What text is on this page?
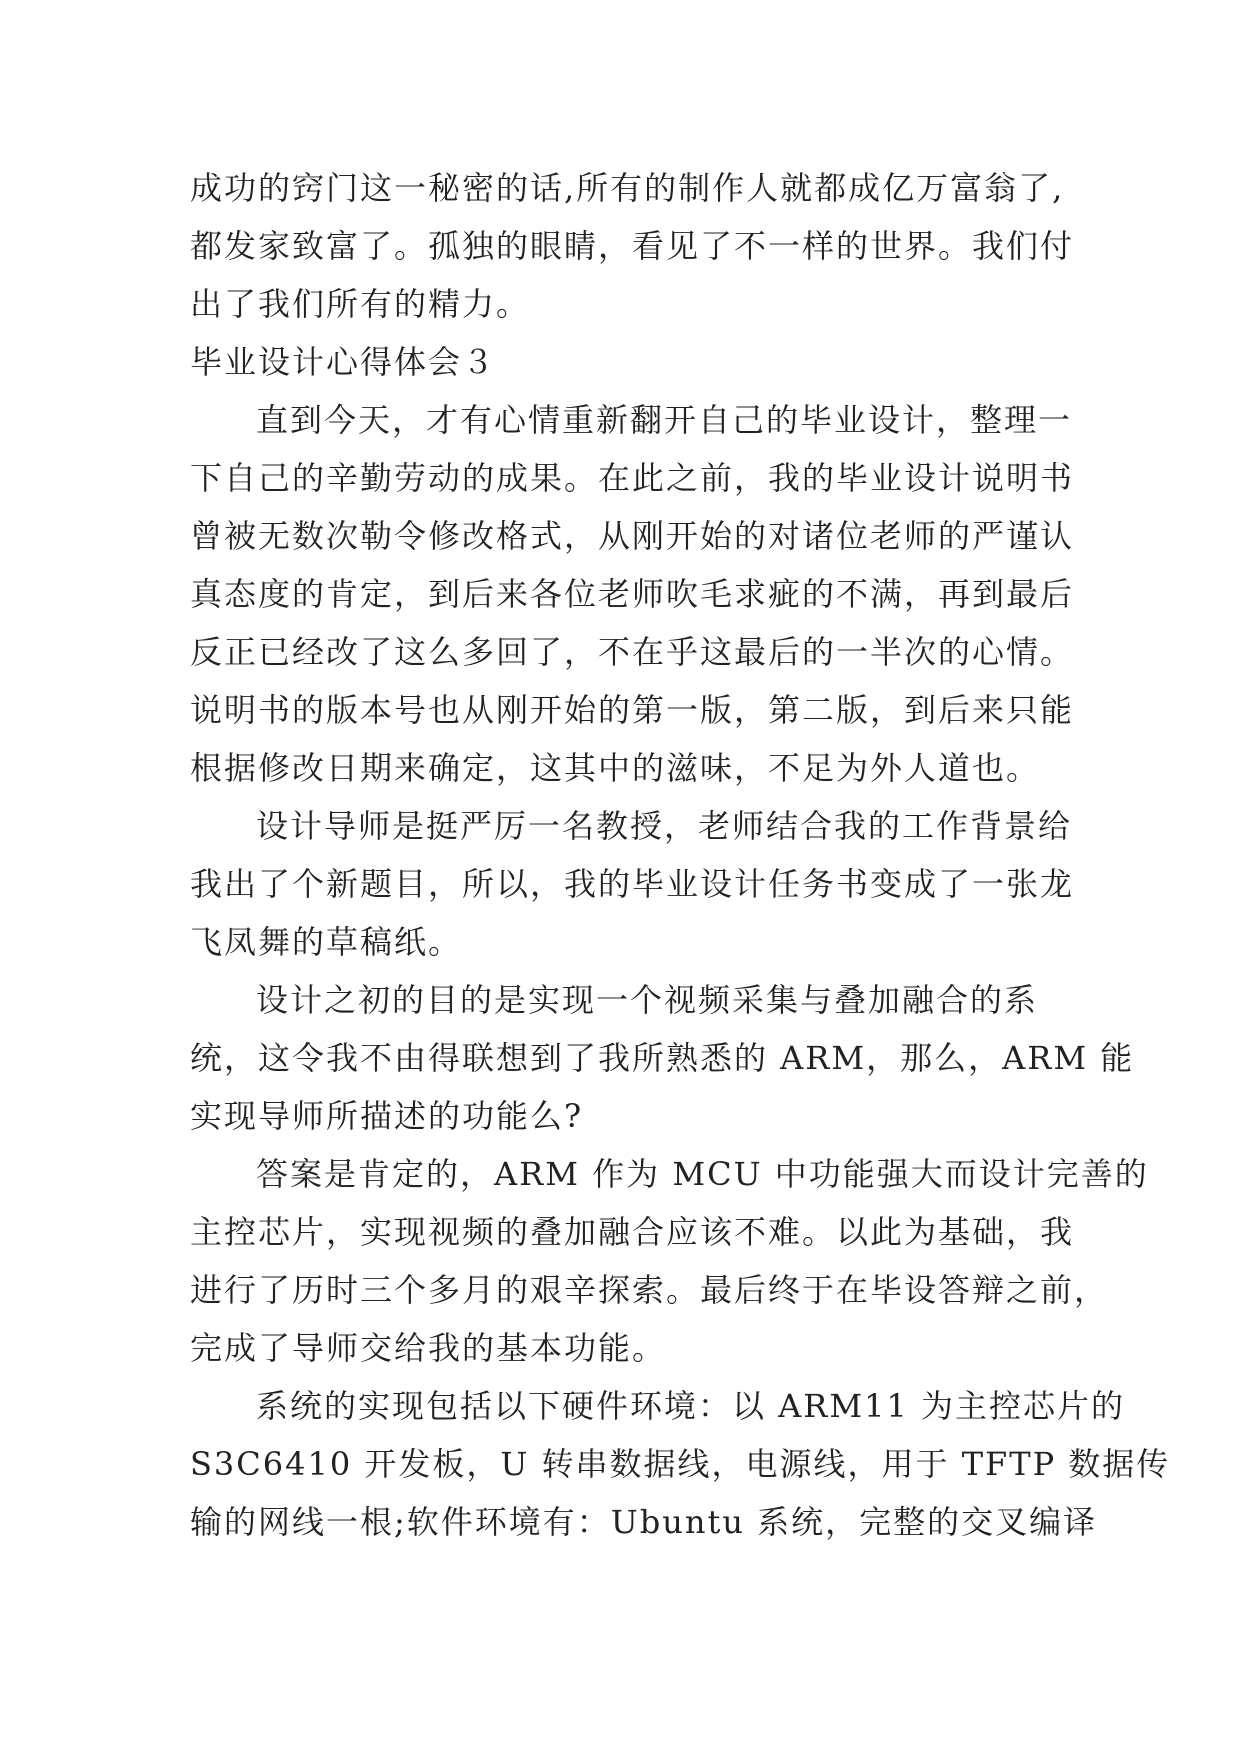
成功的窍门这一秘密的话,所有的制作人就都成亿万富翁了,
都发家致富了。孤独的眼睛，看见了不一样的世界。我们付
出了我们所有的精力。
毕业设计心得体会３
直到今天，才有心情重新翻开自己的毕业设计，整理一
下自己的辛勤劳动的成果。在此之前，我的毕业设计说明书
曾被无数次勒令修改格式，从刚开始的对诸位老师的严谨认
真态度的肯定，到后来各位老师吹毛求疵的不满，再到最后
反正已经改了这么多回了，不在乎这最后的一半次的心情。
说明书的版本号也从刚开始的第一版，第二版，到后来只能
根据修改日期来确定，这其中的滋味，不足为外人道也。
设计导师是挺严厉一名教授，老师结合我的工作背景给
我出了个新题目，所以，我的毕业设计任务书变成了一张龙
飞凤舞的草稿纸。
设计之初的目的是实现一个视频采集与叠加融合的系
统，这令我不由得联想到了我所熟悉的 ARM，那么，ARM 能
实现导师所描述的功能么?
答案是肯定的，ARM 作为 MCU 中功能强大而设计完善的
主控芯片，实现视频的叠加融合应该不难。以此为基础，我
进行了历时三个多月的艰辛探索。最后终于在毕设答辩之前，
完成了导师交给我的基本功能。
系统的实现包括以下硬件环境：以 ARM11 为主控芯片的
S3C6410 开发板，U 转串数据线，电源线，用于 TFTP 数据传
输的网线一根;软件环境有：Ubuntu 系统，完整的交叉编译
